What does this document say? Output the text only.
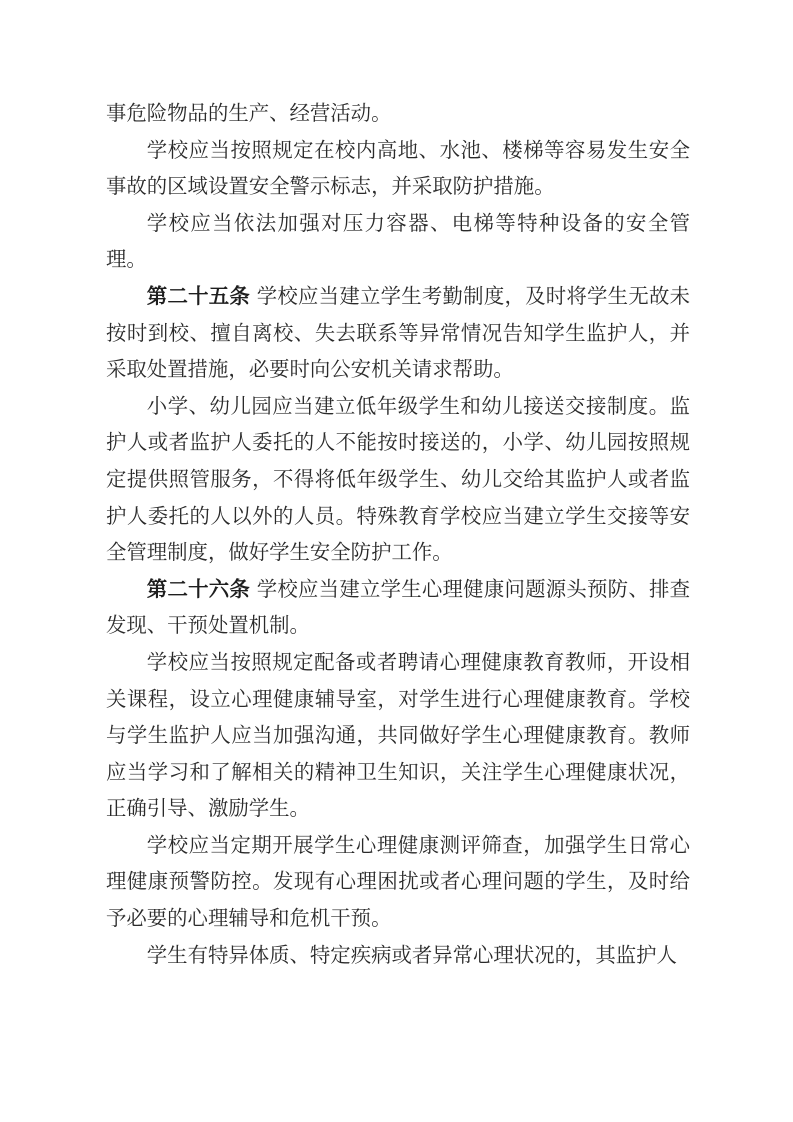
事危险物品的生产、经营活动。

学校应当按照规定在校内高地、水池、楼梯等容易发生安全事故的区域设置安全警示标志，并采取防护措施。

学校应当依法加强对压力容器、电梯等特种设备的安全管理。

第二十五条 学校应当建立学生考勤制度，及时将学生无故未按时到校、擅自离校、失去联系等异常情况告知学生监护人，并采取处置措施，必要时向公安机关请求帮助。

小学、幼儿园应当建立低年级学生和幼儿接送交接制度。监护人或者监护人委托的人不能按时接送的，小学、幼儿园按照规定提供照管服务，不得将低年级学生、幼儿交给其监护人或者监护人委托的人以外的人员。特殊教育学校应当建立学生交接等安全管理制度，做好学生安全防护工作。

第二十六条 学校应当建立学生心理健康问题源头预防、排查发现、干预处置机制。

学校应当按照规定配备或者聘请心理健康教育教师，开设相关课程，设立心理健康辅导室，对学生进行心理健康教育。学校与学生监护人应当加强沟通，共同做好学生心理健康教育。教师应当学习和了解相关的精神卫生知识，关注学生心理健康状况，正确引导、激励学生。

学校应当定期开展学生心理健康测评筛查，加强学生日常心理健康预警防控。发现有心理困扰或者心理问题的学生，及时给予必要的心理辅导和危机干预。

学生有特异体质、特定疾病或者异常心理状况的，其监护人
